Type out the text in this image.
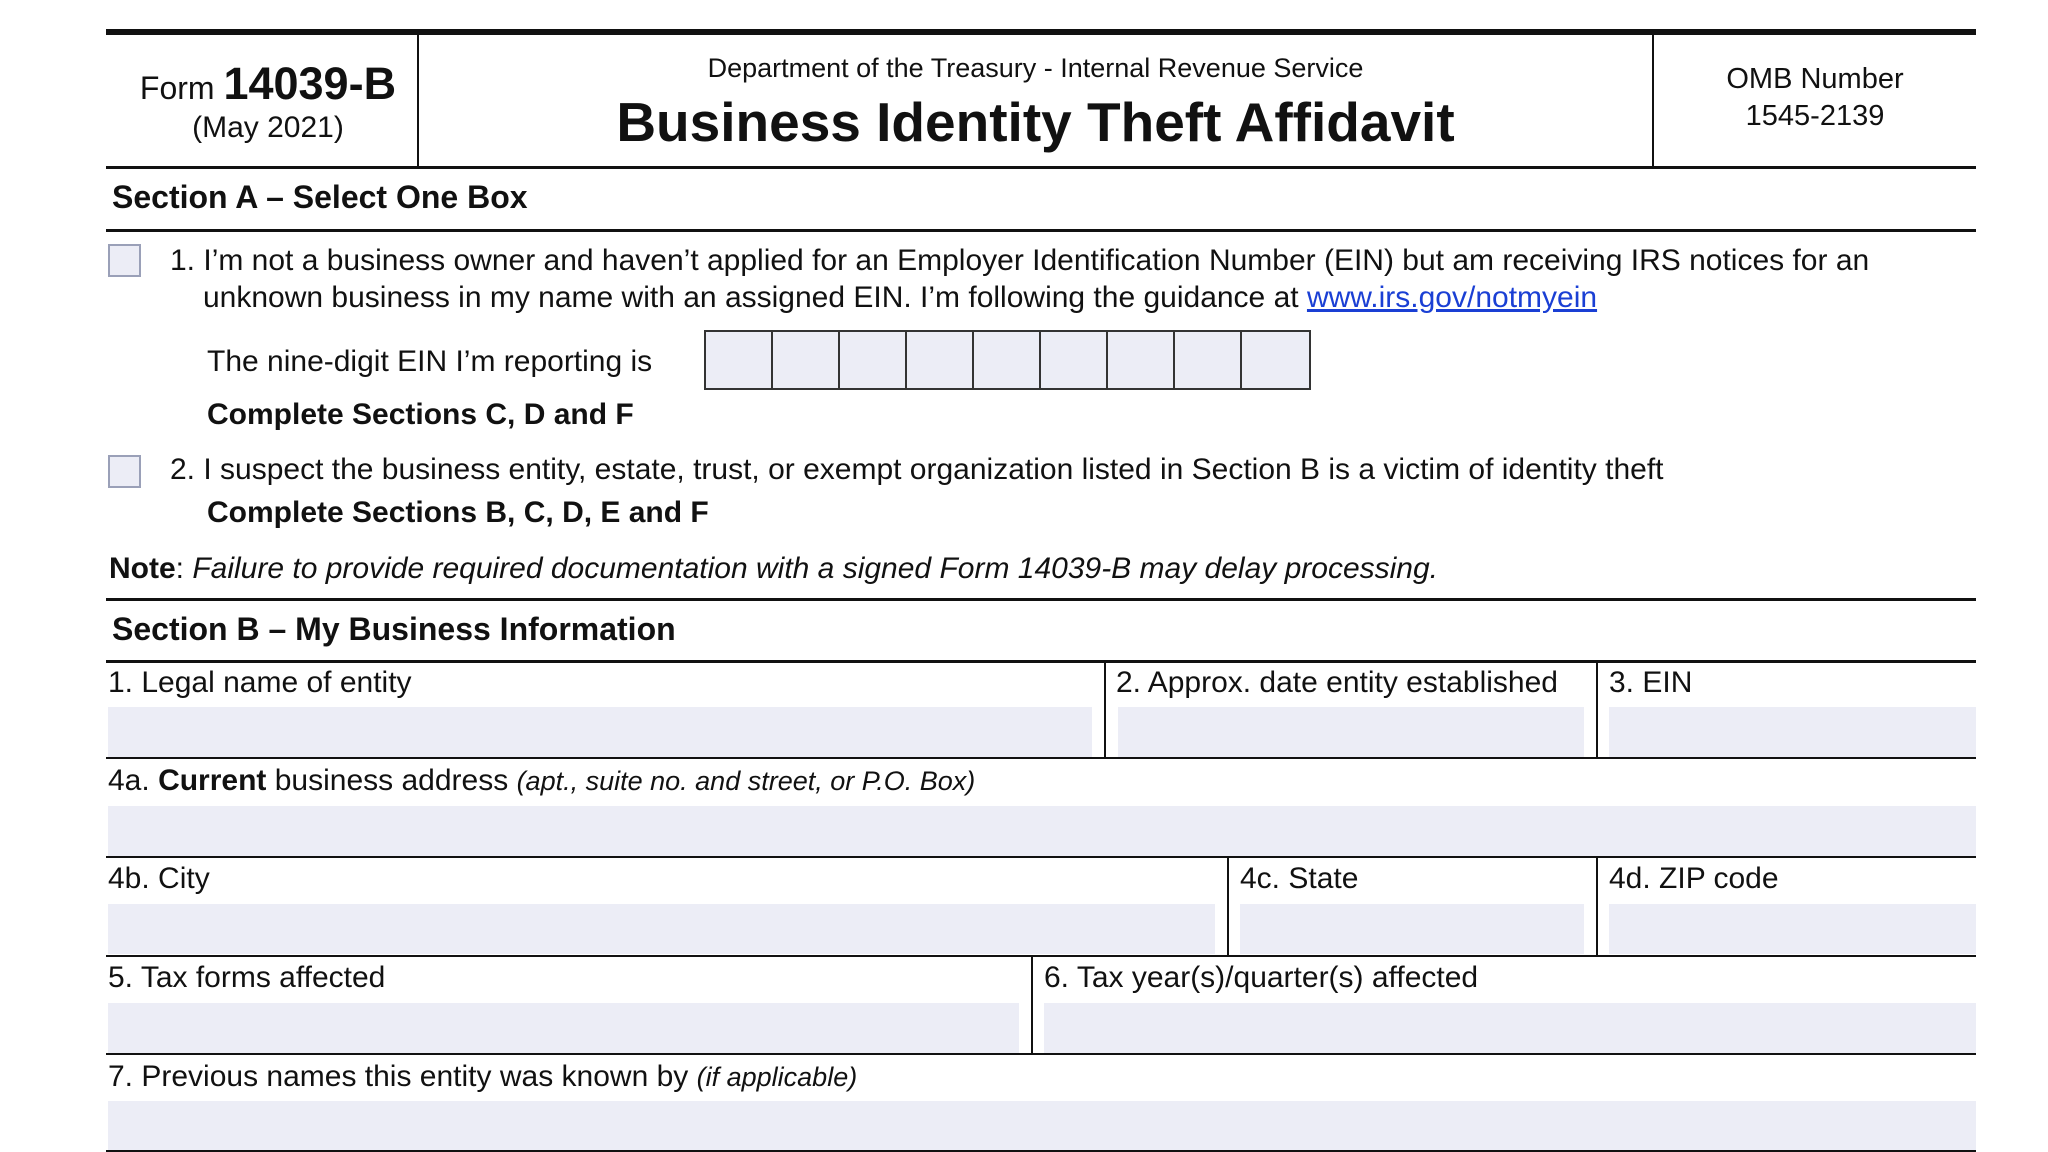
Form 14039-B
(May 2021)
Department of the Treasury - Internal Revenue Service
Business Identity Theft Affidavit
OMB Number
1545-2139
Section A – Select One Box
1. I’m not a business owner and haven’t applied for an Employer Identification Number (EIN) but am receiving IRS notices for an
unknown business in my name with an assigned EIN. I’m following the guidance at www.irs.gov/notmyein
The nine-digit EIN I’m reporting is
Complete Sections C, D and F
2. I suspect the business entity, estate, trust, or exempt organization listed in Section B is a victim of identity theft
Complete Sections B, C, D, E and F
Note: Failure to provide required documentation with a signed Form 14039-B may delay processing.
Section B – My Business Information
1. Legal name of entity	2. Approx. date entity established 3. EIN
4a. Current business address (apt., suite no. and street, or P.O. Box)
4b. City	4c. State	4d. ZIP code
5. Tax forms affected	6. Tax year(s)/quarter(s) affected
7. Previous names this entity was known by (if applicable)
